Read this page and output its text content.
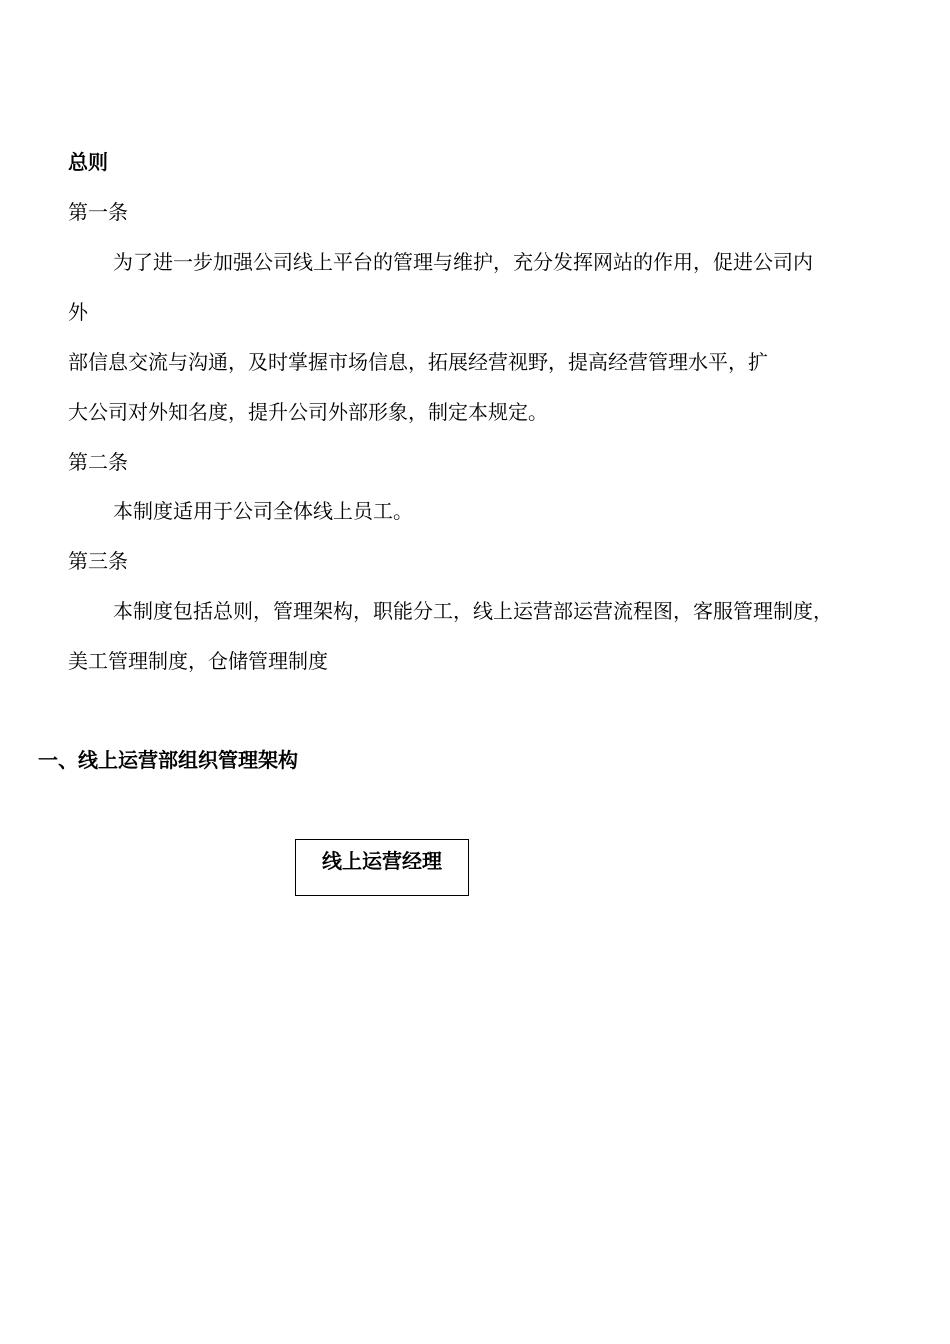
总则

第一条

为了进一步加强公司线上平台的管理与维护，充分发挥网站的作用，促进公司内

外

部信息交流与沟通，及时掌握市场信息，拓展经营视野，提高经营管理水平，扩

大公司对外知名度，提升公司外部形象，制定本规定。

第二条

本制度适用于公司全体线上员工。

第三条

本制度包括总则，管理架构，职能分工，线上运营部运营流程图，客服管理制度，

美工管理制度，仓储管理制度

一、线上运营部组织管理架构

线上运营经理
